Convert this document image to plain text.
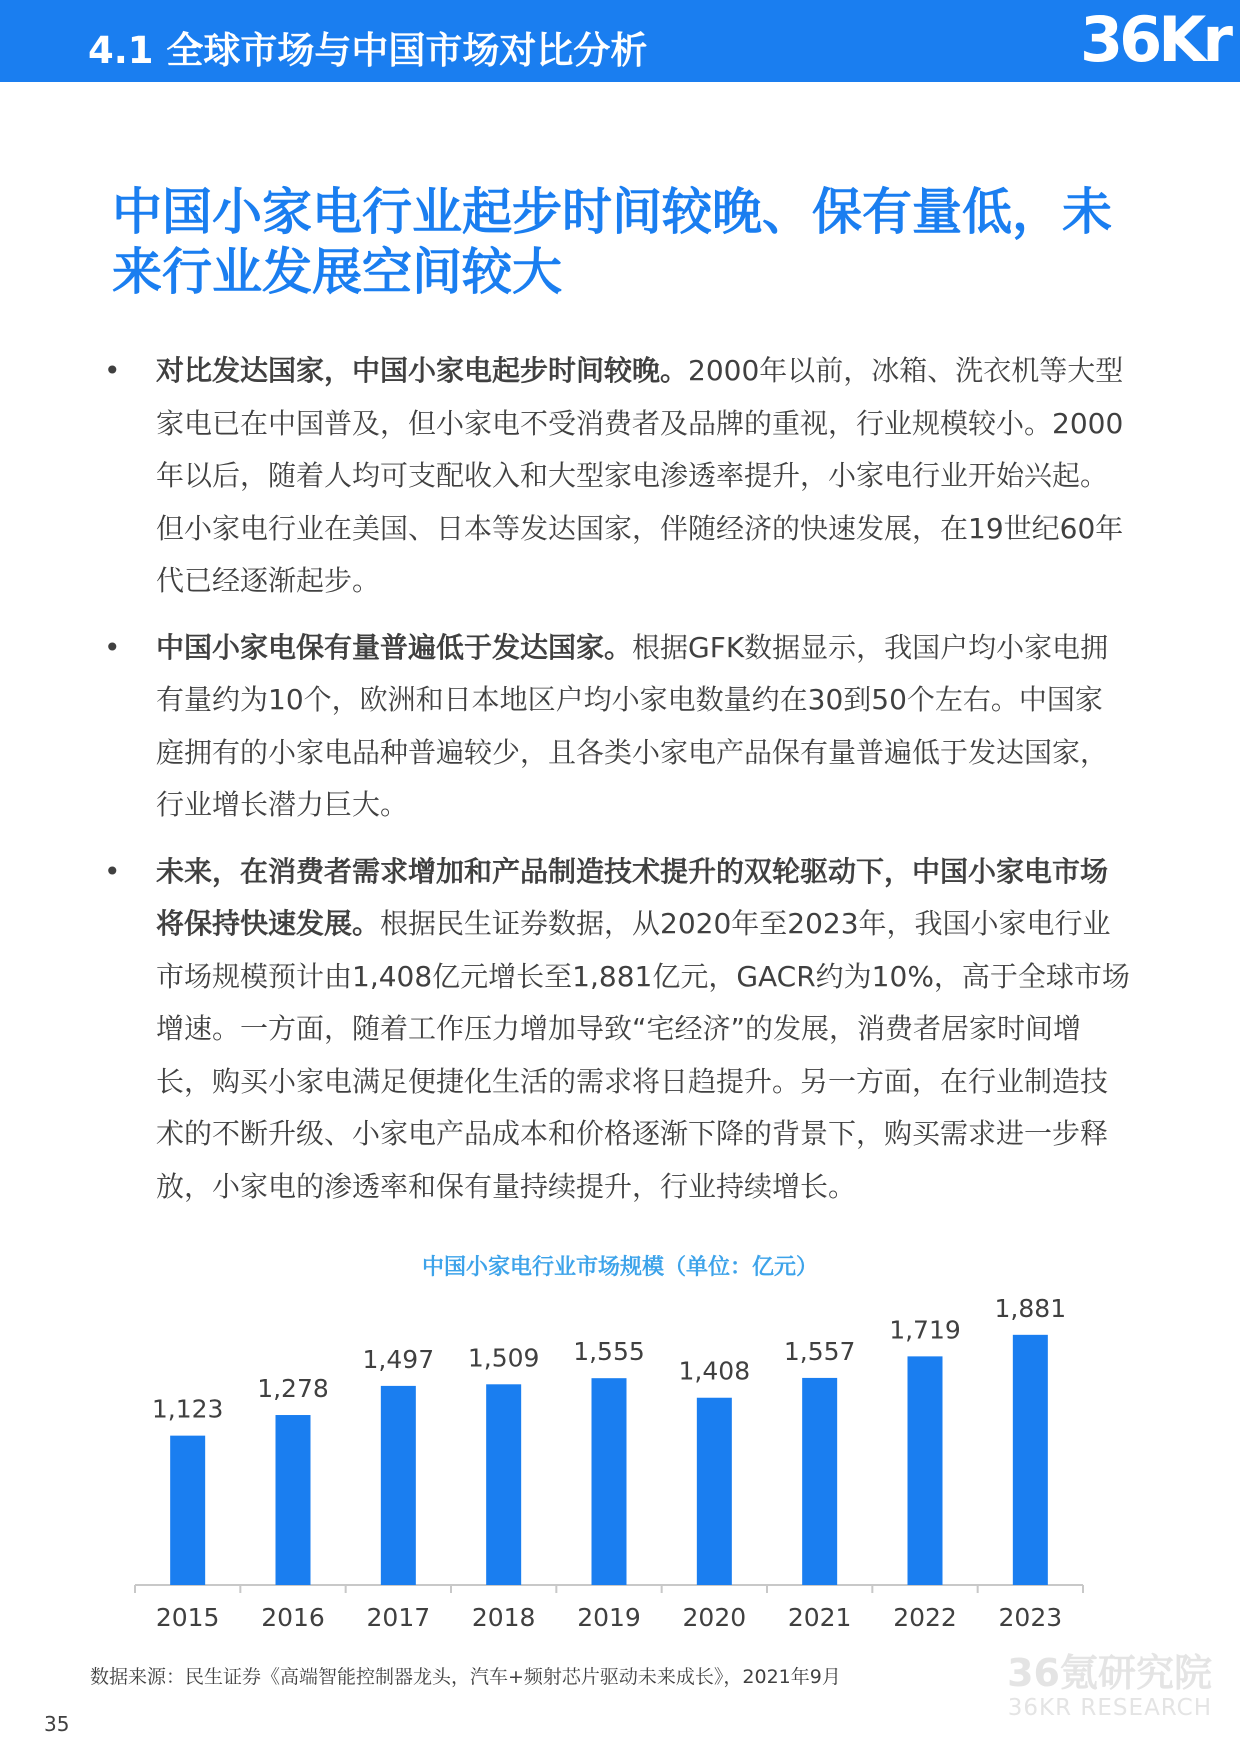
4.1 全球市场与中国市场对比分析	36Kr
中国小家电行业起步时间较晚、保有量低，未来行业发展空间较大
• 对比发达国家，中国小家电起步时间较晚。2000年以前，冰箱、洗衣机等大型家电已在中国普及，但小家电不受消费者及品牌的重视，行业规模较小。2000年以后，随着人均可支配收入和大型家电渗透率提升，小家电行业开始兴起。但小家电行业在美国、日本等发达国家，伴随经济的快速发展，在19世纪60年代已经逐渐起步。
• 中国小家电保有量普遍低于发达国家。根据GFK数据显示，我国户均小家电拥有量约为10个，欧洲和日本地区户均小家电数量约在30到50个左右。中国家庭拥有的小家电品种普遍较少，且各类小家电产品保有量普遍低于发达国家，行业增长潜力巨大。
• 未来，在消费者需求增加和产品制造技术提升的双轮驱动下，中国小家电市场将保持快速发展。根据民生证券数据，从2020年至2023年，我国小家电行业市场规模预计由1,408亿元增长至1,881亿元，GACR约为10%，高于全球市场增速。一方面，随着工作压力增加导致“宅经济”的发展，消费者居家时间增长，购买小家电满足便捷化生活的需求将日趋提升。另一方面，在行业制造技术的不断升级、小家电产品成本和价格逐渐下降的背景下，购买需求进一步释放，小家电的渗透率和保有量持续提升，行业持续增长。
中国小家电行业市场规模（单位：亿元）
1,123
2015
1,278
2016
1,497
2017
1,509
2018
1,555
2019
1,408
2020
1,557
2021
1,719
2022
1,881
2023
数据来源：民生证券《高端智能控制器龙头，汽车+频射芯片驱动未来成长》，2021年9月	36氪研究院
36KR RESEARCH
35
